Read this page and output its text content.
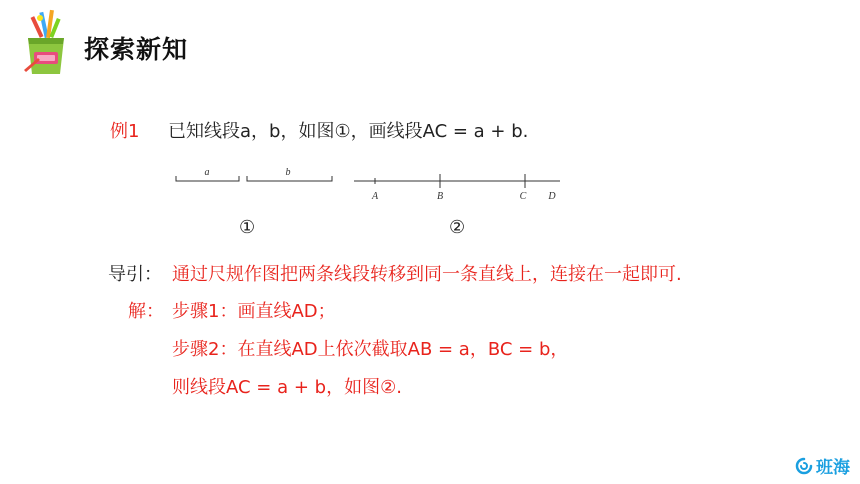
探索新知
例1 已知线段a，b，如图①，画线段AC = a + b.
a	b
A	B	C D
①	②
导引： 通过尺规作图把两条线段转移到同一条直线上，连接在一起即可.
解： 步骤1：画直线AD；
步骤2：在直线AD上依次截取AB = a，BC = b，
则线段AC = a + b，如图②.
班海
